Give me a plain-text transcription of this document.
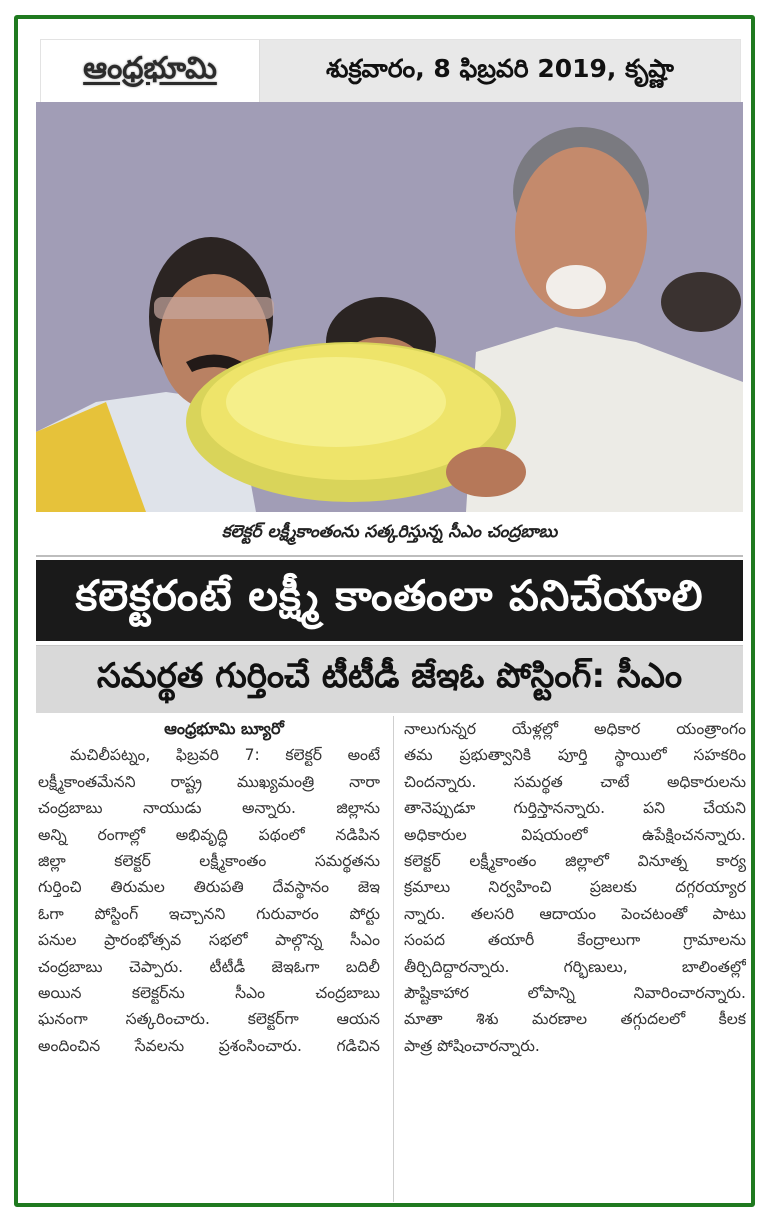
ఆంధ్రభూమి	శుక్రవారం, 8 ఫిబ్రవరి 2019, కృష్ణా
కలెక్టర్ లక్ష్మీకాంతంను సత్కరిస్తున్న సీఎం చంద్రబాబు
కలెక్టరంటే లక్ష్మీ కాంతంలా పనిచేయాలి
సమర్థత గుర్తించే టీటీడీ జేఇఓ పోస్టింగ్: సీఎం
ఆంధ్రభూమి బ్యూరో
మచిలీపట్నం, ఫిబ్రవరి 7: కలెక్టర్ అంటే
లక్ష్మీకాంతమేనని రాష్ట్ర ముఖ్యమంత్రి నారా
చంద్రబాబు నాయుడు అన్నారు. జిల్లాను
అన్ని రంగాల్లో అభివృద్ధి పథంలో నడిపిన
జిల్లా కలెక్టర్ లక్ష్మీకాంతం సమర్థతను
గుర్తించి తిరుమల తిరుపతి దేవస్థానం జెఇ
ఓగా పోస్టింగ్ ఇచ్చానని గురువారం పోర్టు
పనుల ప్రారంభోత్సవ సభలో పాల్గొన్న సీఎం
చంద్రబాబు చెప్పారు. టీటీడీ జెఇఓగా బదిలీ
అయిన కలెక్టర్‌ను సీఎం చంద్రబాబు
ఘనంగా సత్కరించారు. కలెక్టర్‌గా ఆయన
అందించిన సేవలను ప్రశంసించారు. గడిచిన
నాలుగున్నర యేళ్లల్లో అధికార యంత్రాంగం
తమ ప్రభుత్వానికి పూర్తి స్థాయిలో సహకరిం
చిందన్నారు. సమర్థత చాటే అధికారులను
తానెప్పుడూ గుర్తిస్తానన్నారు. పని చేయని
అధికారుల విషయంలో ఉపేక్షించనన్నారు.
కలెక్టర్ లక్ష్మీకాంతం జిల్లాలో వినూత్న కార్య
క్రమాలు నిర్వహించి ప్రజలకు దగ్గరయ్యార
న్నారు. తలసరి ఆదాయం పెంచటంతో పాటు
సంపద తయారీ కేంద్రాలుగా గ్రామాలను
తీర్చిదిద్దారన్నారు. గర్భిణులు, బాలింతల్లో
పౌష్టికాహార లోపాన్ని నివారించారన్నారు.
మాతా శిశు మరణాల తగ్గుదలలో కీలక
పాత్ర పోషించారన్నారు.
